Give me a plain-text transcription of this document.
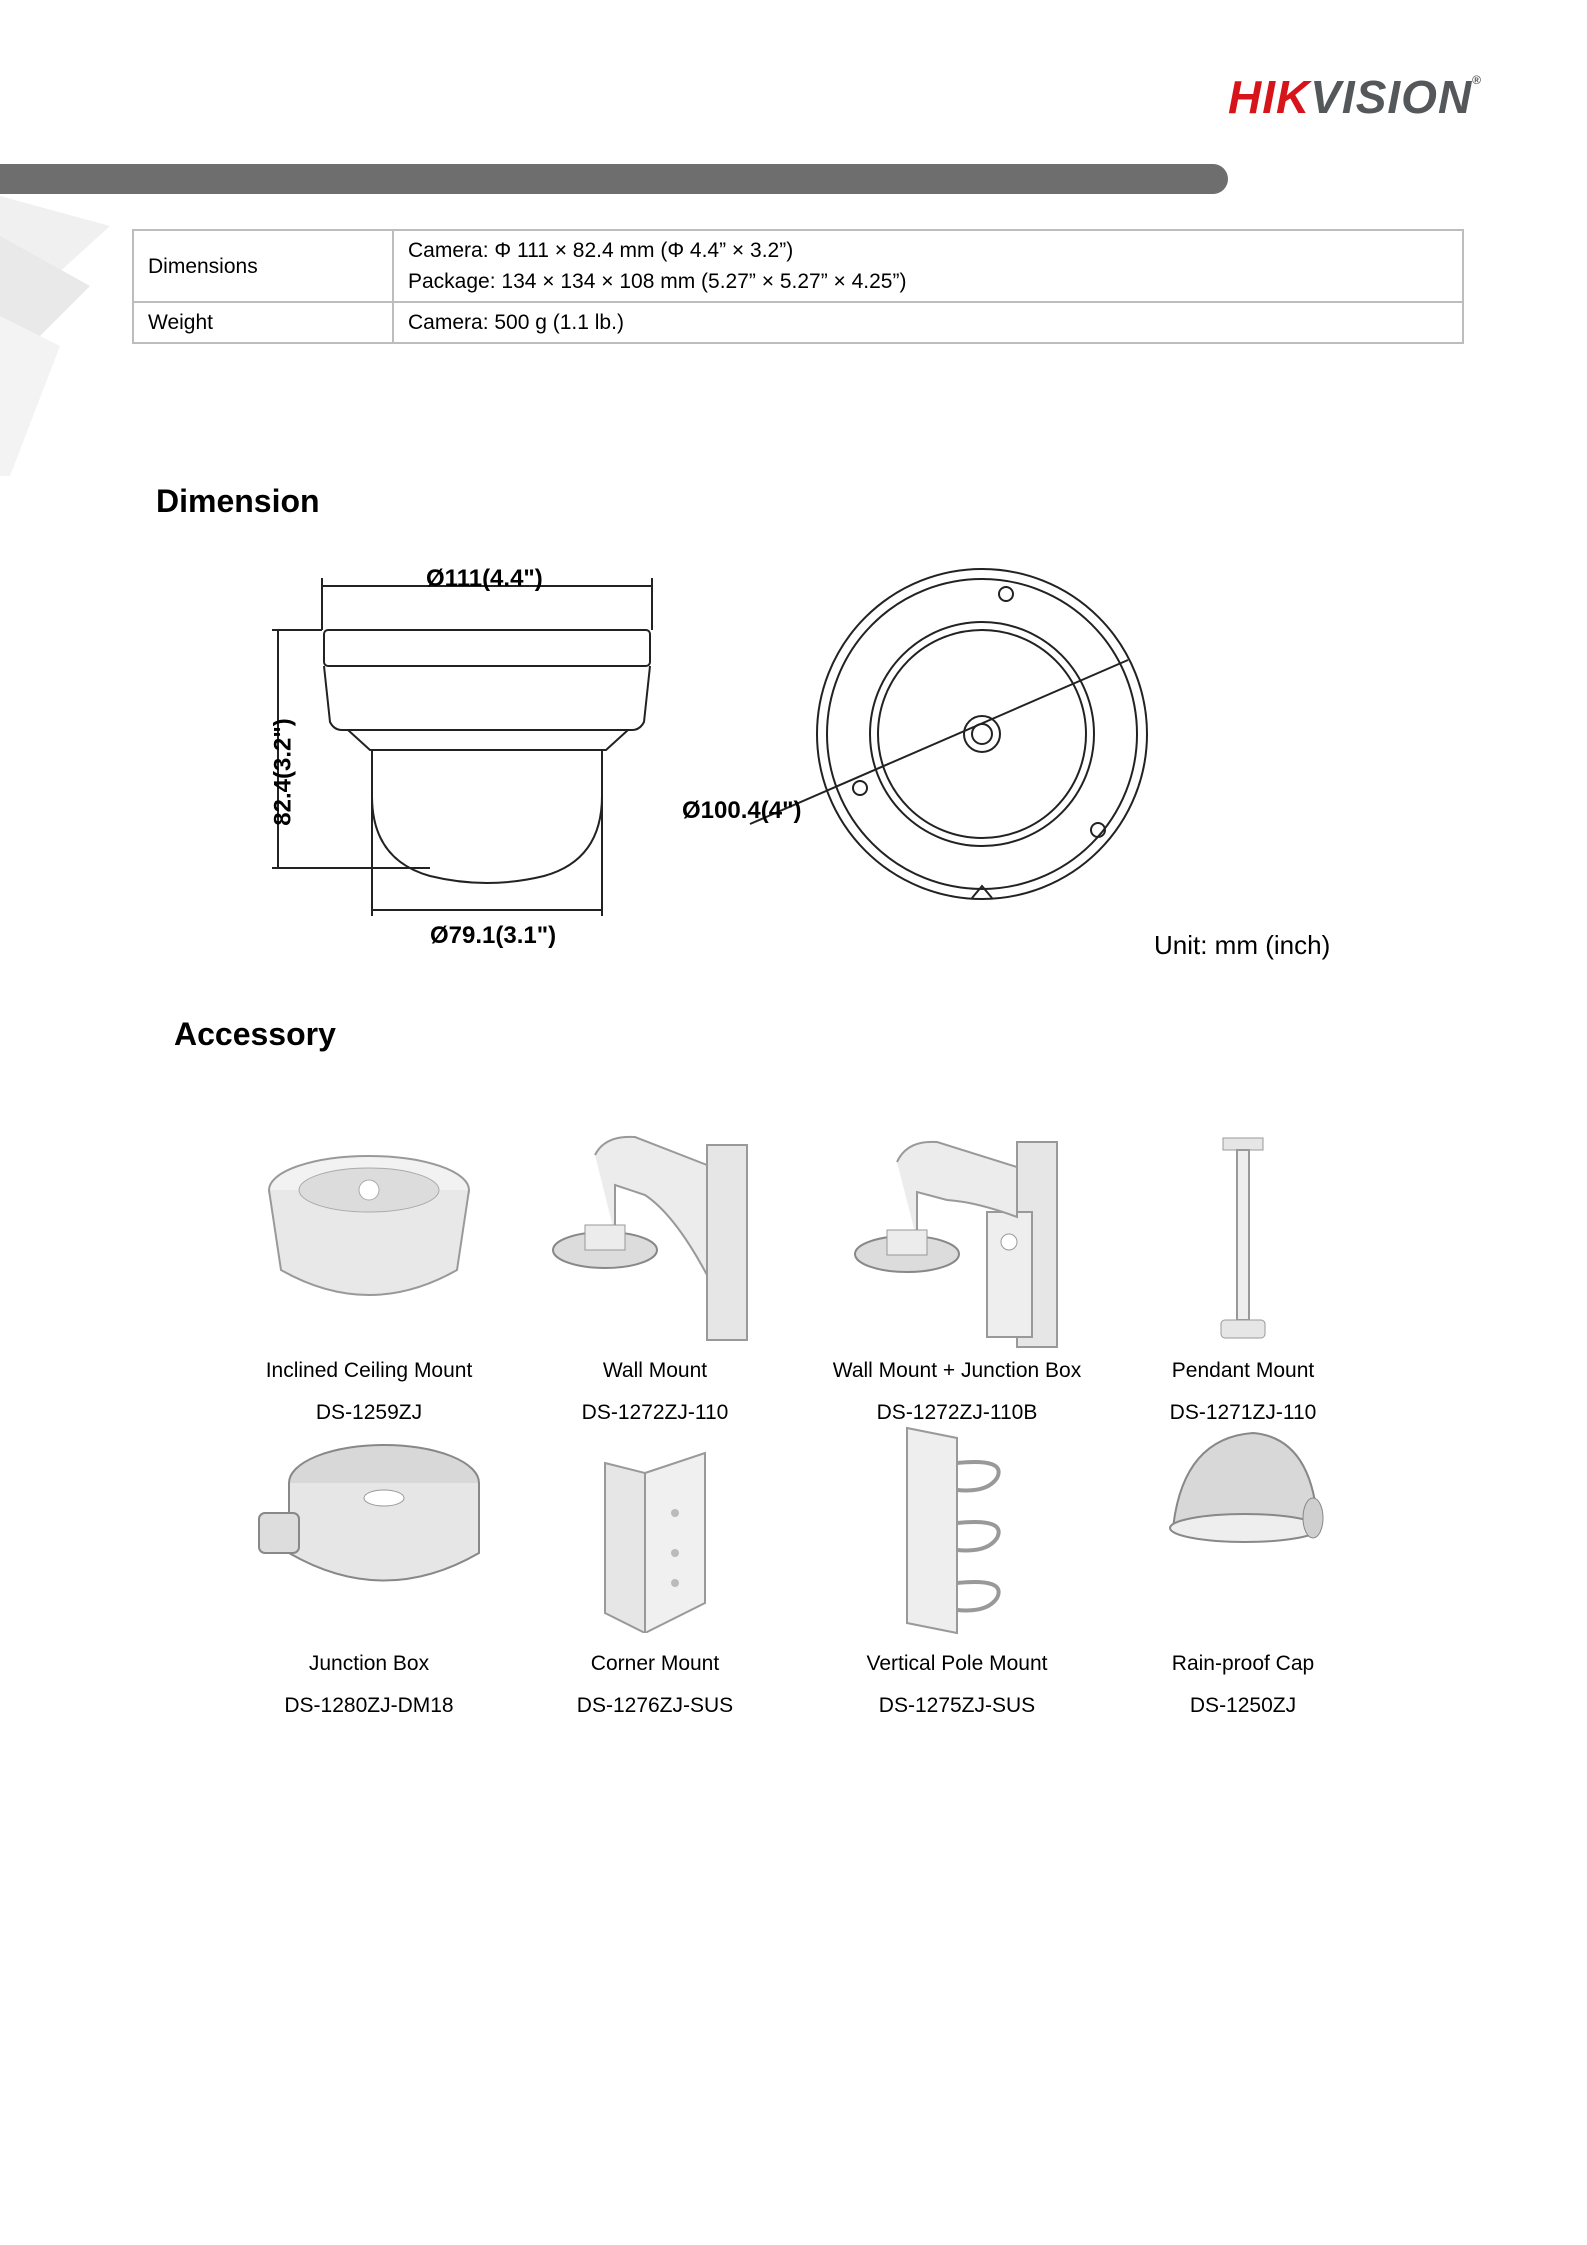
HIKVISION®
Dimensions	Camera: Φ 111 × 82.4 mm (Φ 4.4” × 3.2”)
Package: 134 × 134 × 108 mm (5.27” × 5.27” × 4.25”)

Weight	Camera: 500 g (1.1 lb.)
Dimension
Ø111(4.4")
82.4(3.2")
Ø79.1(3.1")
Ø100.4(4")
Unit: mm (inch)
Accessory
Inclined Ceiling Mount
DS-1259ZJ
Wall Mount
DS-1272ZJ-110
Wall Mount + Junction Box
DS-1272ZJ-110B
Pendant Mount
DS-1271ZJ-110
Junction Box
DS-1280ZJ-DM18
Corner Mount
DS-1276ZJ-SUS
Vertical Pole Mount
DS-1275ZJ-SUS
Rain-proof Cap
DS-1250ZJ
